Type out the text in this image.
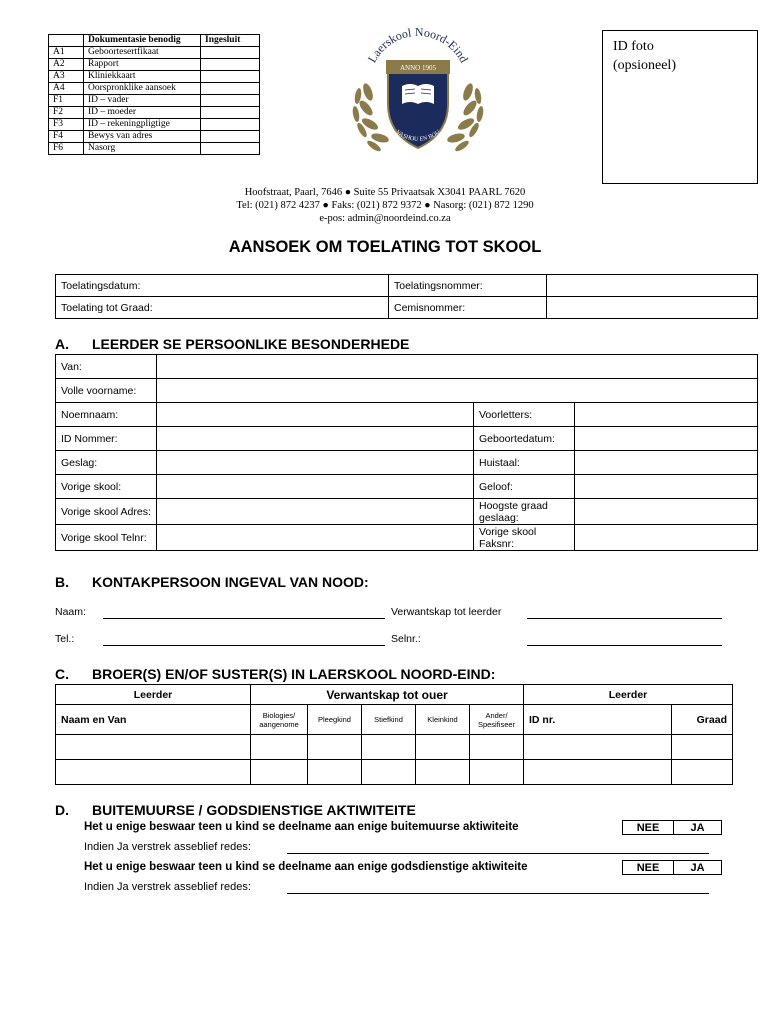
	Dokumentasie benodig	Ingesluit
A1	Geboortesertfikaat	
A2	Rapport	
A3	Kliniekkaart	
A4	Oorspronklike aansoek	
F1	ID – vader	
F2	ID – moeder	
F3	ID – rekeningpligtige	
F4	Bewys van adres	
F6	Nasorg	
Laerskool Noord-Eind
ANNO 1905
VASHOU EN BOU
ID foto
(opsioneel)
Hoofstraat, Paarl, 7646 ● Suite 55 Privaatsak X3041 PAARL 7620
Tel: (021) 872 4237 ● Faks: (021) 872 9372 ● Nasorg: (021) 872 1290
e-pos: admin@noordeind.co.za
AANSOEK OM TOELATING TOT SKOOL
Toelatingsdatum:	Toelatingsnommer:	
Toelating tot Graad:	Cemisnommer:	
A. LEERDER SE PERSOONLIKE BESONDERHEDE
Van:			
Volle voorname:			
Noemnaam:		Voorletters:	
ID Nommer:		Geboortedatum:	
Geslag:		Huistaal:	
Vorige skool:		Geloof:	
Vorige skool Adres:		Hoogste graad geslaag:	
Vorige skool Telnr:		Vorige skool Faksnr:	
B. KONTAKPERSOON INGEVAL VAN NOOD:
Naam:	Verwantskap tot leerder
Tel.:	Selnr.:
C. BROER(S) EN/OF SUSTER(S) IN LAERSKOOL NOORD-EIND:
Leerder	Verwantskap tot ouer					Leerder	
Naam en Van	Biologies/ aangenome	Pleegkind	Stiefkind	Kleinkind	Ander/ Spesifiseer	ID nr.	Graad

D. BUITEMUURSE / GODSDIENSTIGE AKTIWITEITE
Het u enige beswaar teen u kind se deelname aan enige buitemuurse aktiwiteite	NEE	JA
Indien Ja verstrek asseblief redes:
Het u enige beswaar teen u kind se deelname aan enige godsdienstige aktiwiteite	NEE	JA
Indien Ja verstrek asseblief redes:
